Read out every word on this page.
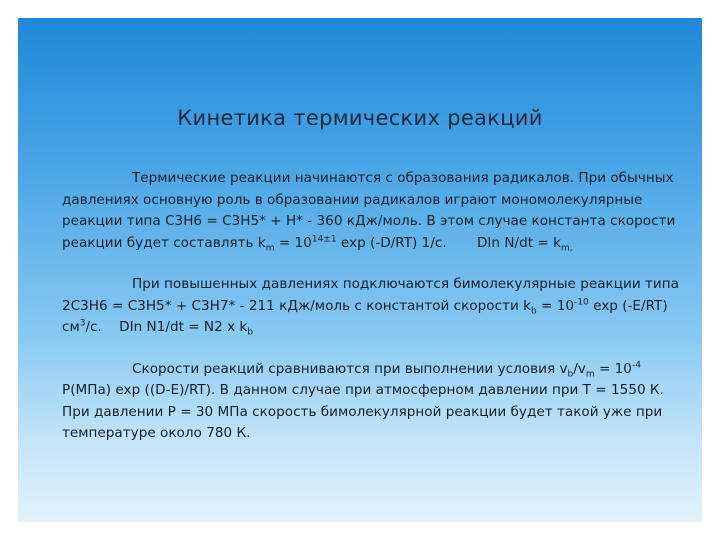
Кинетика термических реакций

Термические реакции начинаются с образования радикалов. При обычных давлениях основную роль в образовании радикалов играют мономолекулярные реакции типа С3Н6 = С3Н5* + Н* - 360 кДж/моль. В этом случае константа скорости реакции будет составлять $k_m = 10^{14\pm 1}$ exp (-D/RT) 1/c.       DIn $N/dt = k_{m,}$

При повышенных давлениях подключаются бимолекулярные реакции типа 2С3Н6 = С3Н5* + С3Н7* - 211 кДж/моль с константой скорости $k_b = 10^{-10}$ exp (-E/RT) $см^3/c$.    DIn N1/dt = N2 x $k_b$

Скорости реакций сравниваются при выполнении условия $v_b/v_m = 10^{-4}$ P(МПа) exp ((D-E)/RT). В данном случае при атмосферном давлении при Т = 1550 К.  При давлении Р = 30 МПа скорость бимолекулярной реакции будет такой уже при температуре около 780 К.
